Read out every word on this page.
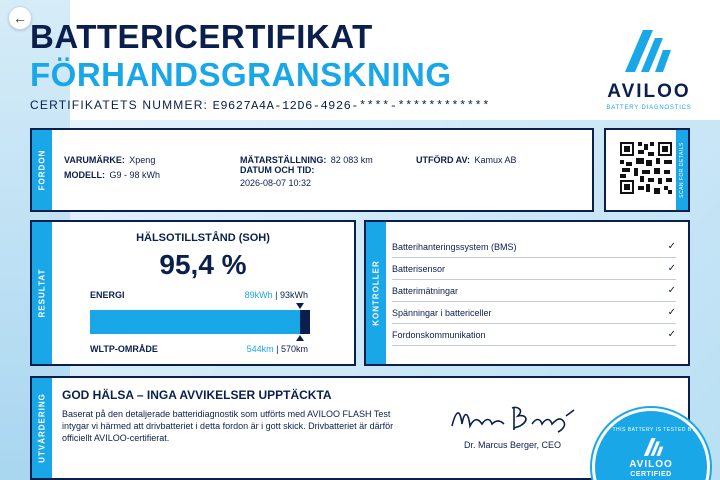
← BATTERICERTIFIKAT
FÖRHANDSGRANSKNING
CERTIFIKATETS NUMMER: E9627A4A-12D6-4926-****-************
AVILOO
BATTERY DIAGNOSTICS
FORDON VARUMÄRKE: Xpeng
MODELL: G9 - 98 kWh
MÄTARSTÄLLNING: 82 083 km
DATUM OCH TID:
2026-08-07 10:32
UTFÖRD AV: Kamux AB	SCAN FOR DETAILS
RESULTAT
HÄLSOTILLSTÅND (SOH)
95,4 %
ENERGI	89kWh | 93kWh
WLTP-OMRÅDE	544km | 570km
KONTROLLER
Batterihanteringssystem (BMS)	✓
Batterisensor	✓
Batterimätningar	✓
Spänningar i battericeller	✓
Fordonskommunikation	✓
UTVÄRDERING GOD HÄLSA – INGA AVVIKELSER UPPTÄCKTA
Baserat på den detaljerade batteridiagnostik som utförts med AVILOO FLASH Test intygar vi härmed att drivbatteriet i detta fordon är i gott skick. Drivbatteriet är därför officiellt AVILOO-certifierat.
Dr. Marcus Berger, CEO
THIS BATTERY IS TESTED BY
AVILOO
CERTIFIED
